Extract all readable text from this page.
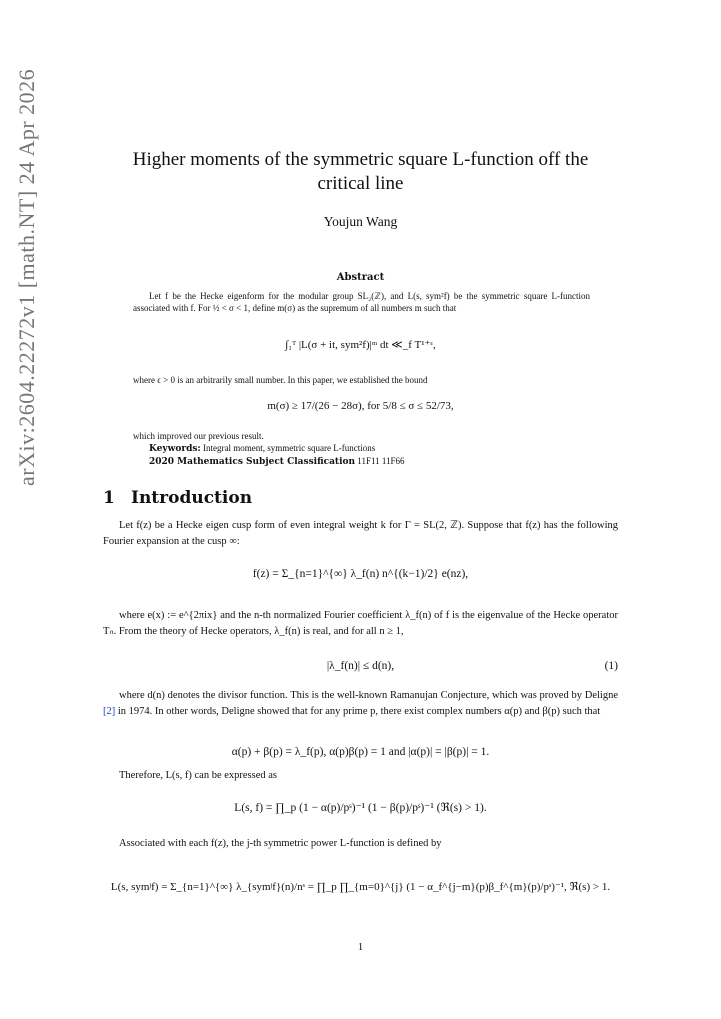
arXiv:2604.22272v1 [math.NT] 24 Apr 2026	Higher moments of the symmetric square L-function off the
critical line
Youjun Wang
Abstract
Let f be the Hecke eigenform for the modular group SL₂(ℤ), and L(s, sym²f) be the symmetric square L-function associated with f. For ½ < σ < 1, define m(σ) as the supremum of all numbers m such that
∫₁ᵀ |L(σ + it, sym²f)|ᵐ dt ≪_f T¹⁺ᵋ,
where ϵ > 0 is an arbitrarily small number. In this paper, we established the bound
m(σ) ≥ 17/(26 − 28σ), for 5/8 ≤ σ ≤ 52/73,
which improved our previous result.
Keywords: Integral moment, symmetric square L-functions
2020 Mathematics Subject Classification 11F11 11F66
1 Introduction
Let f(z) be a Hecke eigen cusp form of even integral weight k for Γ = SL(2, ℤ). Suppose that f(z) has the following Fourier expansion at the cusp ∞:
f(z) = Σ_{n=1}^{∞} λ_f(n) n^{(k−1)/2} e(nz),
where e(x) := e^{2πix} and the n-th normalized Fourier coefficient λ_f(n) of f is the eigenvalue of the Hecke operator Tₙ. From the theory of Hecke operators, λ_f(n) is real, and for all n ≥ 1,
|λ_f(n)| ≤ d(n),	(1)
where d(n) denotes the divisor function. This is the well-known Ramanujan Conjecture, which was proved by Deligne [2] in 1974. In other words, Deligne showed that for any prime p, there exist complex numbers α(p) and β(p) such that
α(p) + β(p) = λ_f(p), α(p)β(p) = 1 and |α(p)| = |β(p)| = 1.
Therefore, L(s, f) can be expressed as
L(s, f) = ∏_p (1 − α(p)/pˢ)⁻¹ (1 − β(p)/pˢ)⁻¹ (ℜ(s) > 1).
Associated with each f(z), the j-th symmetric power L-function is defined by
L(s, symʲf) = Σ_{n=1}^{∞} λ_{symʲf}(n)/nˢ = ∏_p ∏_{m=0}^{j} (1 − α_f^{j−m}(p)β_f^{m}(p)/pˢ)⁻¹, ℜ(s) > 1.
1
